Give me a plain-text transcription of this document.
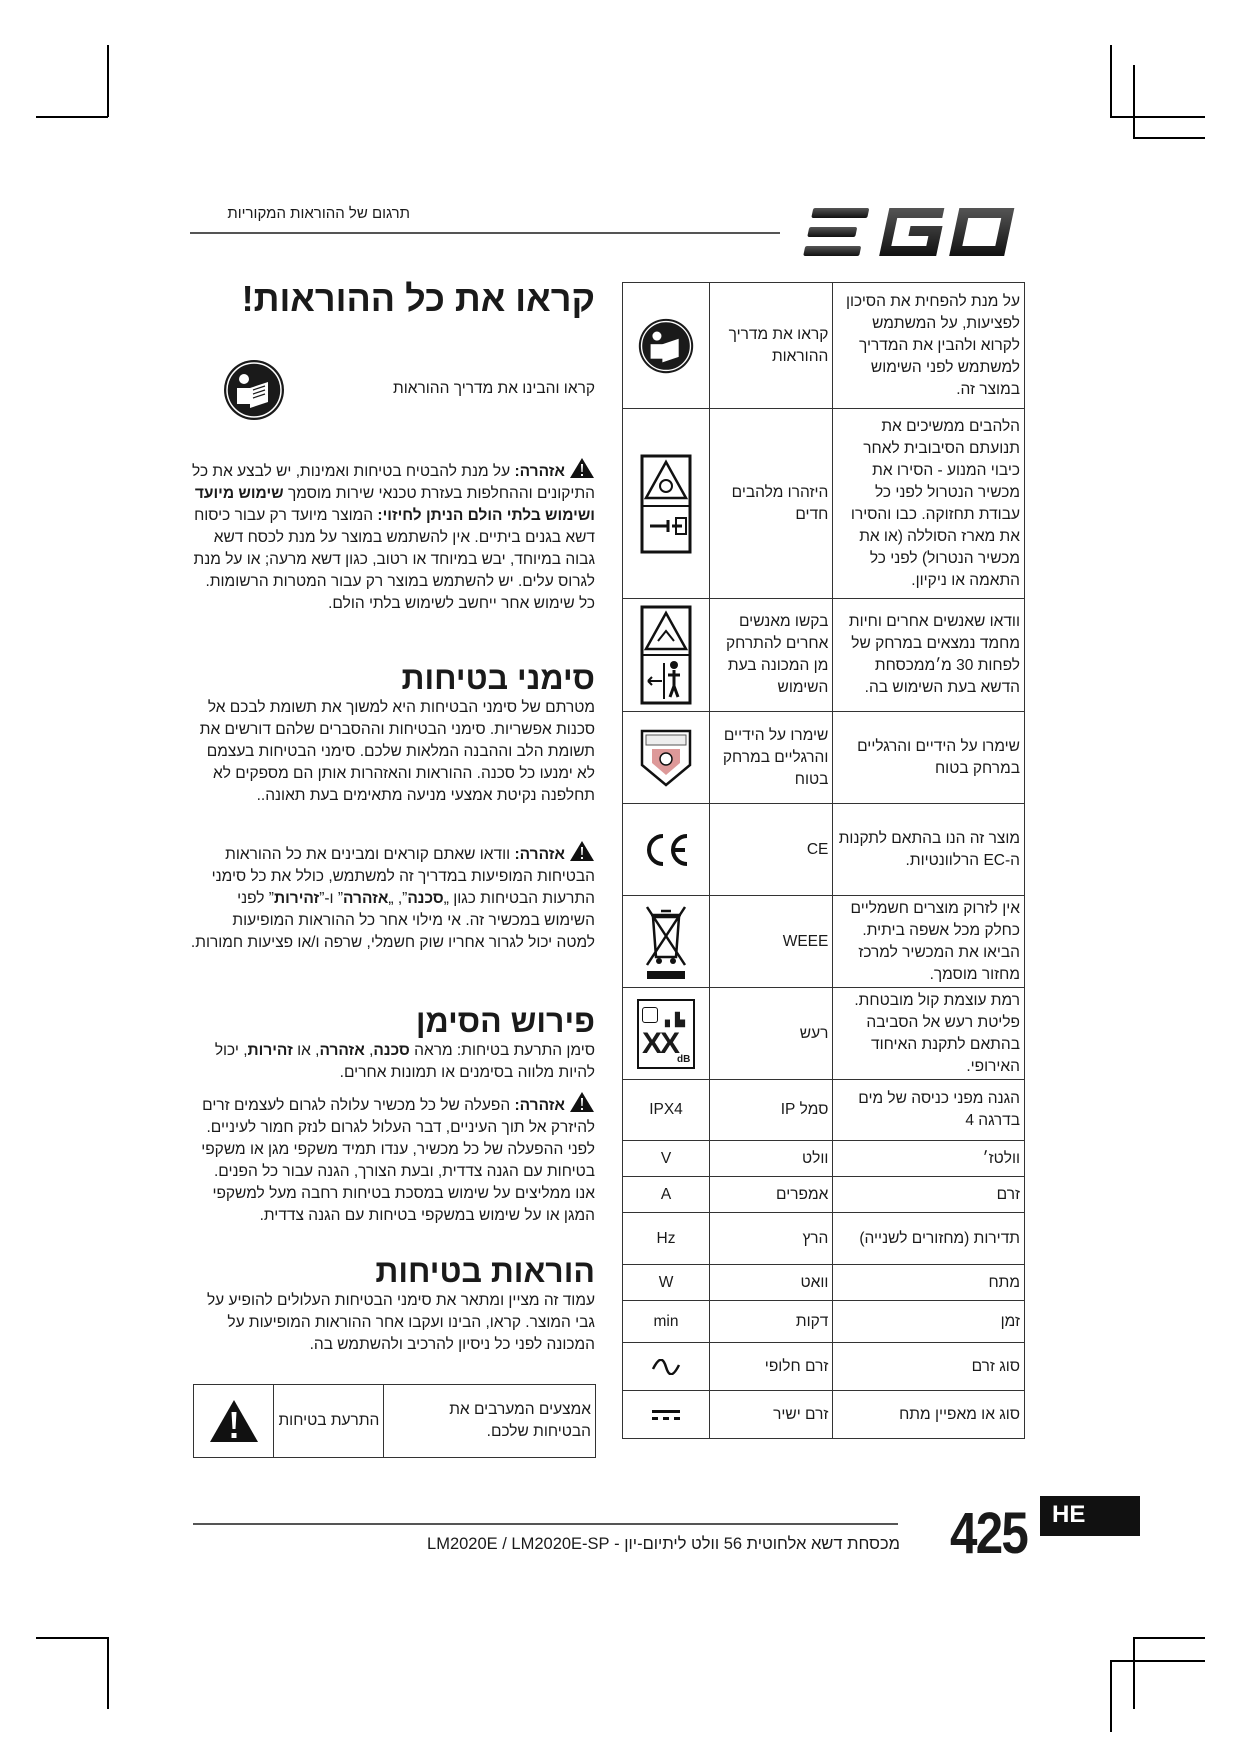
תרגום של ההוראות המקוריות
קראו את כל ההוראות!

קראו והבינו את מדריך ההוראות

אזהרה: על מנת להבטיח בטיחות ואמינות, יש לבצע את כל התיקונים וההחלפות בעזרת טכנאי שירות מוסמך שימוש מיועד ושימוש בלתי הולם הניתן לחיזוי: המוצר מיועד רק עבור כיסוח דשא בגנים ביתיים. אין להשתמש במוצר על מנת לכסח דשא גבוה במיוחד, יבש במיוחד או רטוב, כגון דשא מרעה; או על מנת לגרוס עלים. יש להשתמש במוצר רק עבור המטרות הרשומות. כל שימוש אחר ייחשב לשימוש בלתי הולם.

סימני בטיחות

מטרתם של סימני הבטיחות היא למשוך את תשומת לבכם אל סכנות אפשריות. סימני הבטיחות וההסברים שלהם דורשים את תשומת הלב וההבנה המלאות שלכם. סימני הבטיחות בעצמם לא ימנעו כל סכנה. ההוראות והאזהרות אותן הם מספקים לא תחלפנה נקיטת אמצעי מניעה מתאימים בעת תאונה..

אזהרה: וודאו שאתם קוראים ומבינים את כל ההוראות הבטיחות המופיעות במדריך זה למשתמש, כולל את כל סימני התרעות הבטיחות כגון „סכנה”, „אזהרה” ו-”זהירות” לפני השימוש במכשיר זה. אי מילוי אחר כל ההוראות המופיעות למטה יכול לגרור אחריו שוק חשמלי, שרפה ו/או פציעות חמורות.

פירוש הסימן

סימן התרעת בטיחות: מראה סכנה, אזהרה, או זהירות, יכול להיות מלווה בסימנים או תמונות אחרים.

אזהרה: הפעלה של כל מכשיר עלולה לגרום לעצמים זרים להיזרק אל תוך העיניים, דבר העלול לגרום לנזק חמור לעיניים. לפני ההפעלה של כל מכשיר, ענדו תמיד משקפי מגן או משקפי בטיחות עם הגנה צדדית, ובעת הצורך, הגנה עבור כל הפנים. אנו ממליצים על שימוש במסכת בטיחות רחבה מעל למשקפי המגן או על שימוש במשקפי בטיחות עם הגנה צדדית.

הוראות בטיחות

עמוד זה מציין ומתאר את סימני הבטיחות העלולים להופיע על גבי המוצר. קראו, הבינו ועקבו אחר ההוראות המופיעות על המכונה לפני כל ניסיון להרכיב ולהשתמש בה.

אמצעים המערבים את הבטיחות שלכם.	התרעת בטיחות	
על מנת להפחית את הסיכון לפציעות, על המשתמש לקרוא ולהבין את המדריך למשתמש לפני השימוש במוצר זה.	קראו את מדריך ההוראות	

הלהבים ממשיכים את תנועתם הסיבובית לאחר כיבוי המנוע - הסירו את מכשיר הנטרול לפני כל עבודת תחזוקה. כבו והסירו את מארז הסוללה (או את מכשיר הנטרול) לפני כל התאמה או ניקיון.	היזהרו מלהבים חדים	

וודאו שאנשים אחרים וחיות מחמד נמצאים במרחק של לפחות 30 מ׳ממכסחת הדשא בעת השימוש בה.	בקשו מאנשים אחרים להתרחק מן המכונה בעת השימוש	

שימרו על הידיים והרגליים במרחק בטוח	שימרו על הידיים והרגליים במרחק בטוח	

מוצר זה הנו בהתאם לתקנות ה-EC הרלוונטיות.	CE	

אין לזרוק מוצרים חשמליים כחלק מכל אשפה ביתית. הביאו את המכשיר למרכז מחזור מוסמך.	WEEE	

רמת עוצמת קול מובטחת. פליטת רעש אל הסביבה בהתאם לתקנת האיחוד האירופי.	רעש	▙▖
XX
dB

הגנה מפני כניסה של מים בדרגה 4	סמל IP	IPX4
וולטז׳	וולט	V
זרם	אמפרים	A
תדירות (מחזורים לשנייה)	הרץ	Hz
מתח	וואט	W
זמן	דקות	min
סוג זרם	זרם חלופי	

סוג או מאפיין מתח	זרם ישיר	
מכסחת דשא אלחוטית 56 וולט ליתיום-יון - LM2020E / LM2020E-SP 425 HE
